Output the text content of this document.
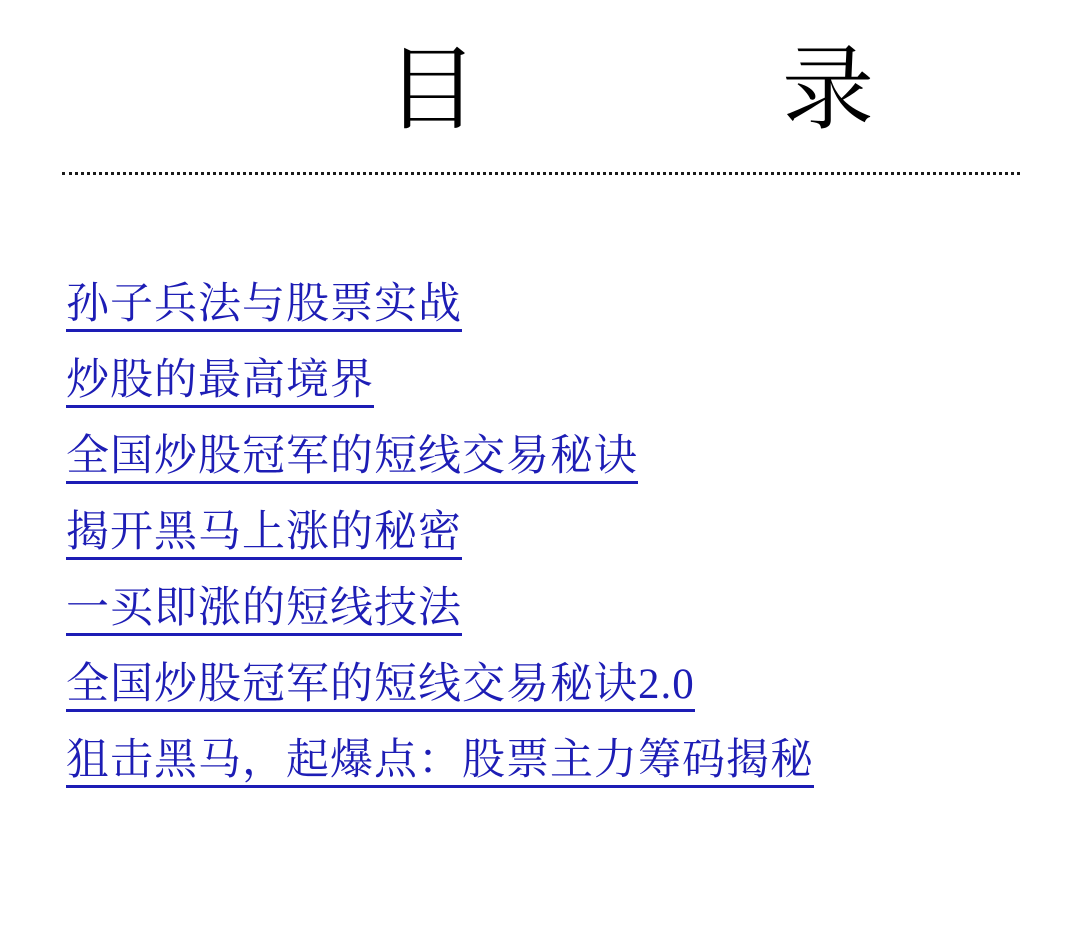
目　　录
孙子兵法与股票实战
炒股的最高境界
全国炒股冠军的短线交易秘诀
揭开黑马上涨的秘密
一买即涨的短线技法
全国炒股冠军的短线交易秘诀2.0
狙击黑马，起爆点：股票主力筹码揭秘
